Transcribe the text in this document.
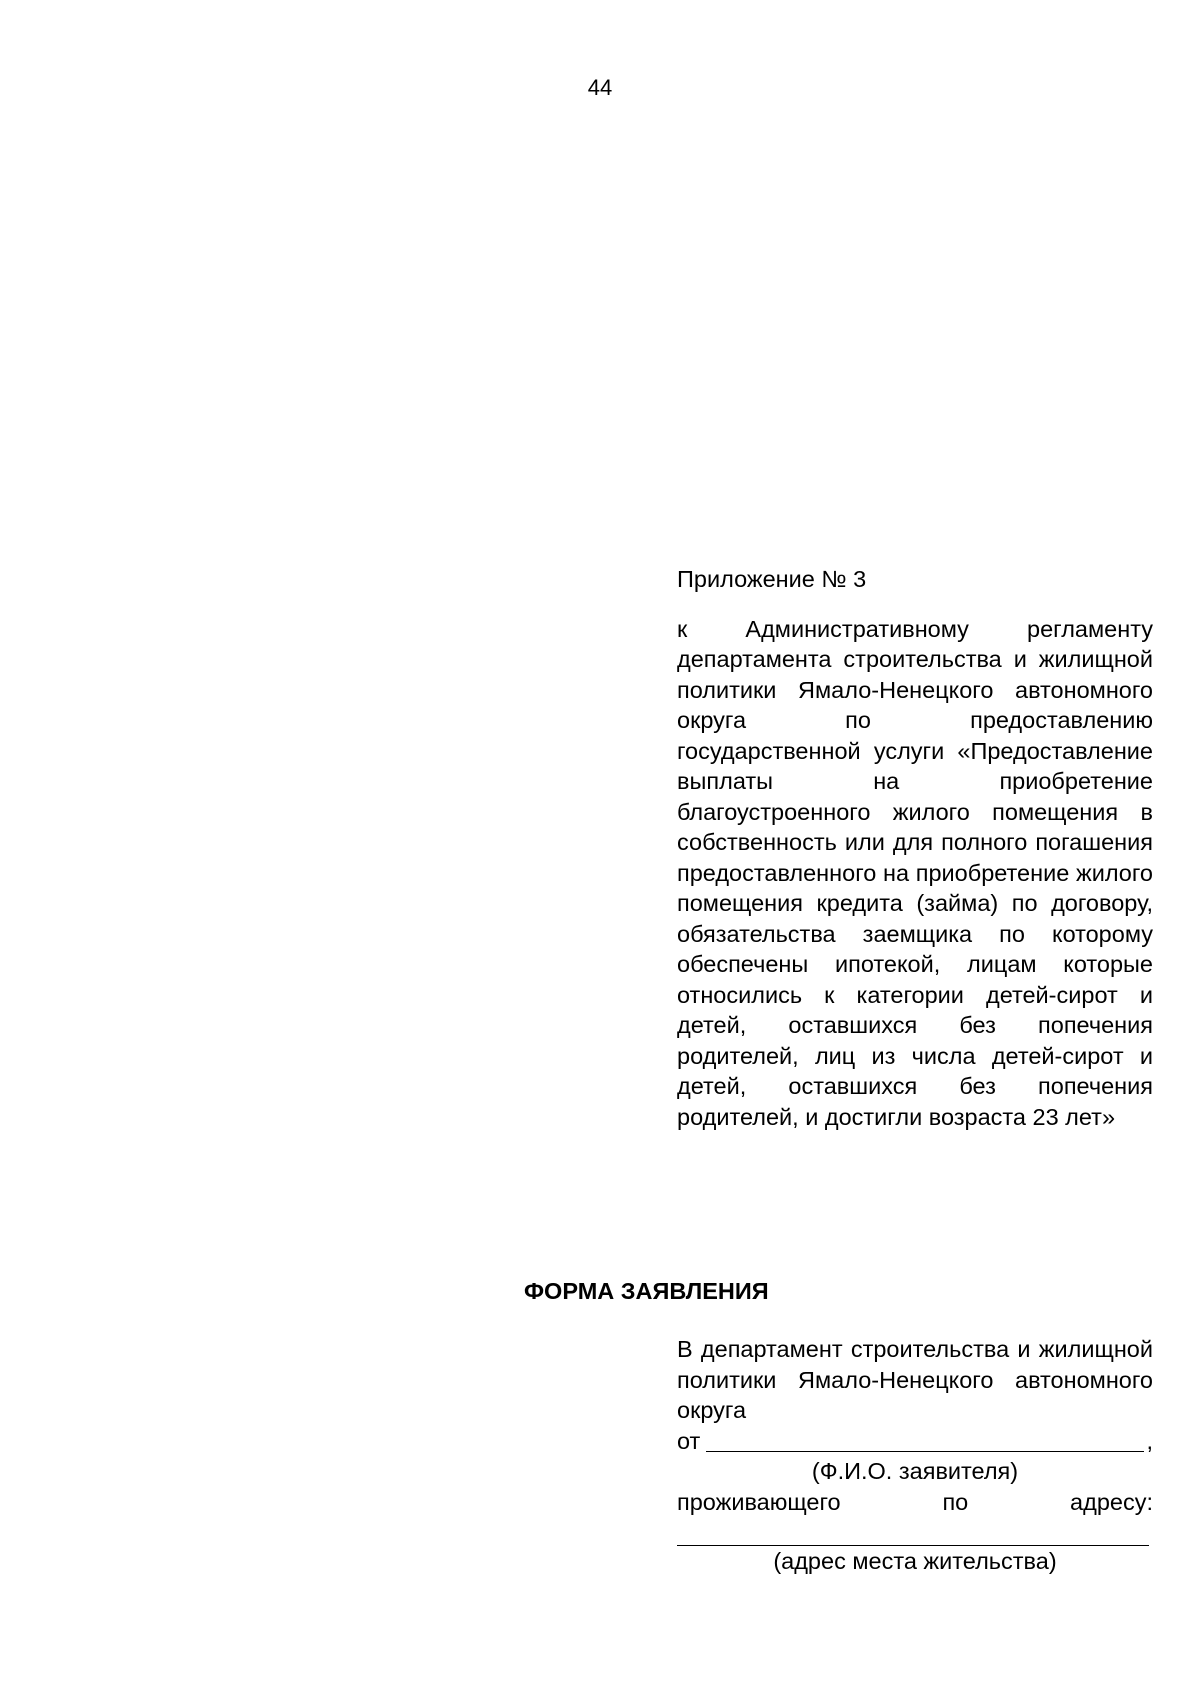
44

Приложение № 3

к Административному регламенту департамента строительства и жилищной политики Ямало-Ненецкого автономного округа по предоставлению государственной услуги «Предоставление выплаты на приобретение благоустроенного жилого помещения в собственность или для полного погашения предоставленного на приобретение жилого помещения кредита (займа) по договору, обязательства заемщика по которому обеспечены ипотекой, лицам которые относились к категории детей-сирот и детей, оставшихся без попечения родителей, лиц из числа детей-сирот и детей, оставшихся без попечения родителей, и достигли возраста 23 лет»

ФОРМА ЗАЯВЛЕНИЯ

В департамент строительства и жилищной политики Ямало-Ненецкого автономного округа

от	,
(Ф.И.О. заявителя)
проживающего	по	адресу:
(адрес места жительства)
